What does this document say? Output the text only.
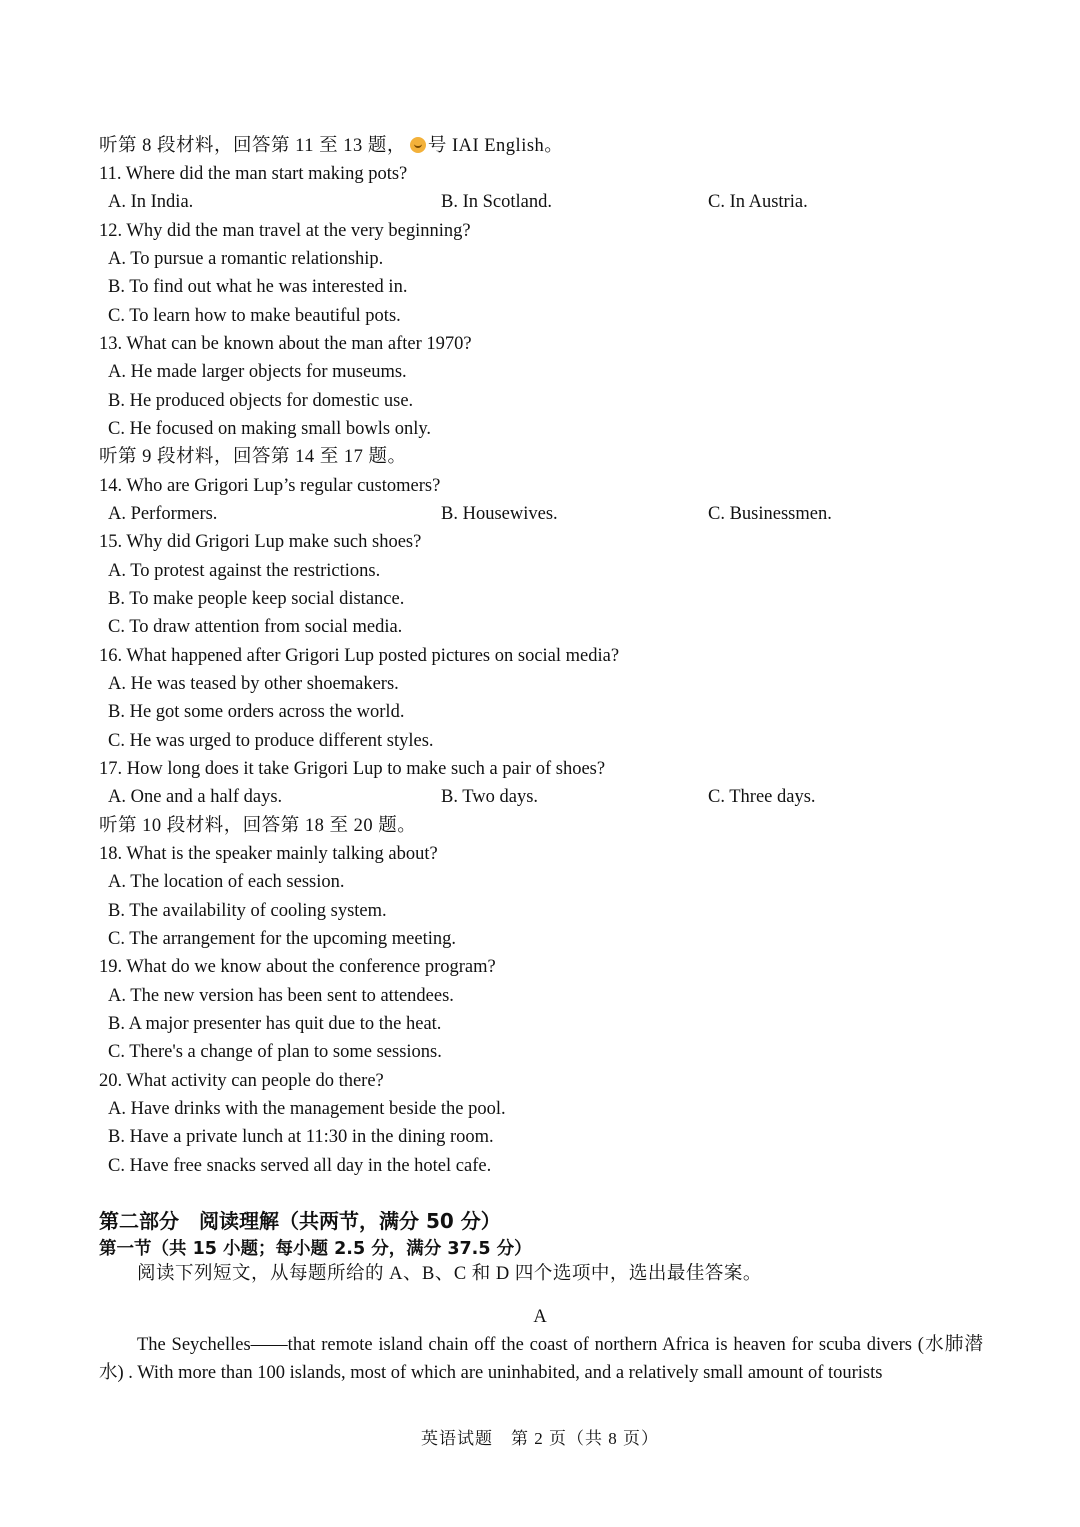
听第 8 段材料，回答第 11 至 13 题， 号 IAI English。
11. Where did the man start making pots?
A. In India.	B. In Scotland.	C. In Austria.
12. Why did the man travel at the very beginning?
A. To pursue a romantic relationship.
B. To find out what he was interested in.
C. To learn how to make beautiful pots.
13. What can be known about the man after 1970?
A. He made larger objects for museums.
B. He produced objects for domestic use.
C. He focused on making small bowls only.
听第 9 段材料，回答第 14 至 17 题。
14. Who are Grigori Lup’s regular customers?
A. Performers.	B. Housewives.	C. Businessmen.
15. Why did Grigori Lup make such shoes?
A. To protest against the restrictions.
B. To make people keep social distance.
C. To draw attention from social media.
16. What happened after Grigori Lup posted pictures on social media?
A. He was teased by other shoemakers.
B. He got some orders across the world.
C. He was urged to produce different styles.
17. How long does it take Grigori Lup to make such a pair of shoes?
A. One and a half days.	B. Two days.	C. Three days.
听第 10 段材料，回答第 18 至 20 题。
18. What is the speaker mainly talking about?
A. The location of each session.
B. The availability of cooling system.
C. The arrangement for the upcoming meeting.
19. What do we know about the conference program?
A. The new version has been sent to attendees.
B. A major presenter has quit due to the heat.
C. There's a change of plan to some sessions.
20. What activity can people do there?
A. Have drinks with the management beside the pool.
B. Have a private lunch at 11:30 in the dining room.
C. Have free snacks served all day in the hotel cafe.
第二部分　阅读理解（共两节，满分 50 分）
第一节（共 15 小题；每小题 2.5 分，满分 37.5 分）
阅读下列短文，从每题所给的 A、B、C 和 D 四个选项中，选出最佳答案。
A
The Seychelles——that remote island chain off the coast of northern Africa is heaven for scuba divers (水肺潜水) . With more than 100 islands, most of which are uninhabited, and a relatively small amount of tourists
英语试题　第 2 页（共 8 页）
